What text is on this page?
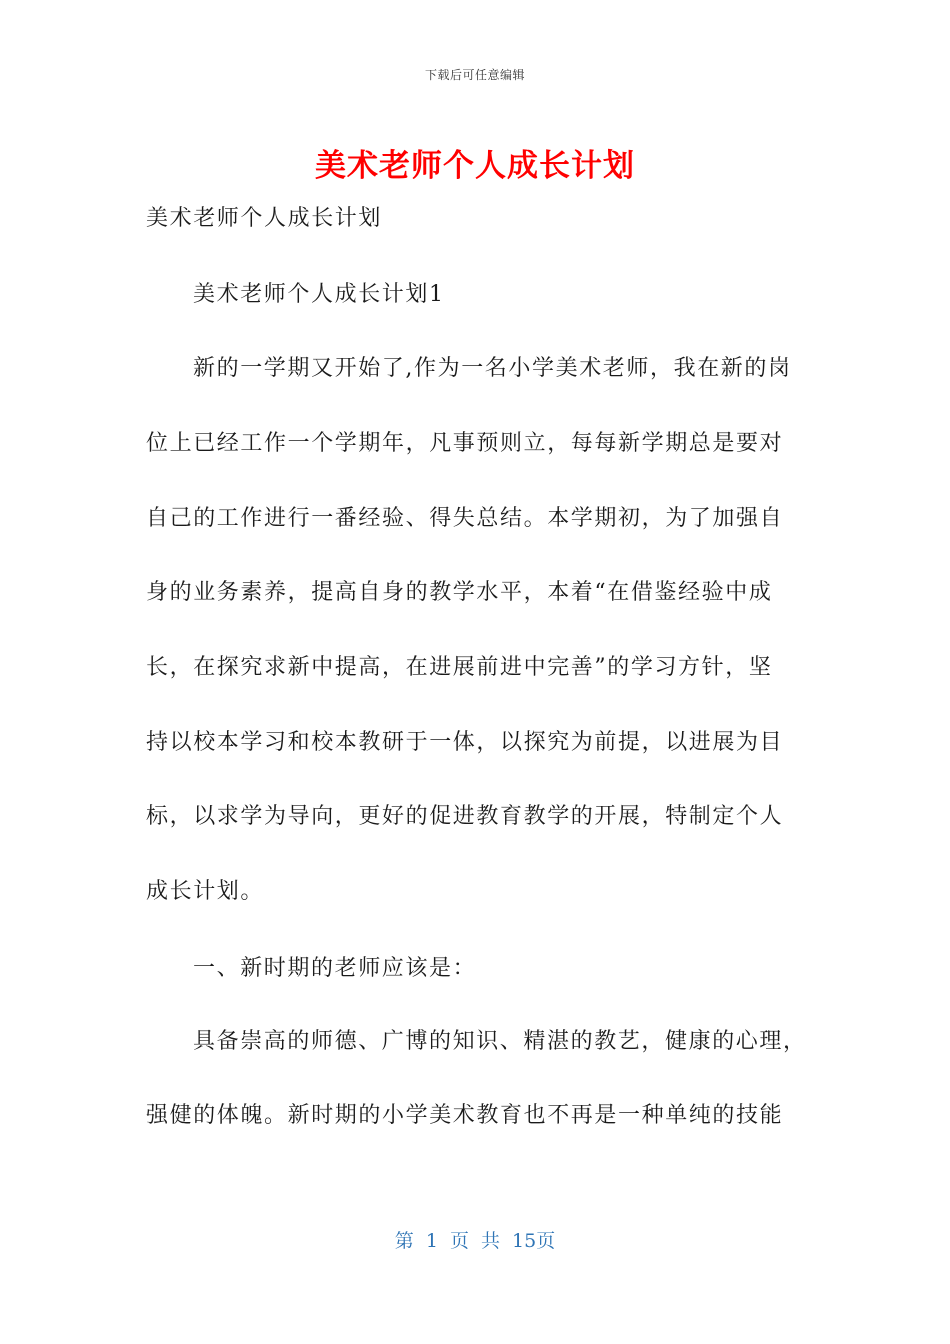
下载后可任意编辑
美术老师个人成长计划
美术老师个人成长计划
美术老师个人成长计划1
新的一学期又开始了,作为一名小学美术老师，我在新的岗
位上已经工作一个学期年，凡事预则立，每每新学期总是要对
自己的工作进行一番经验、得失总结。本学期初，为了加强自
身的业务素养，提高自身的教学水平，本着“在借鉴经验中成
长，在探究求新中提高，在进展前进中完善”的学习方针，坚
持以校本学习和校本教研于一体，以探究为前提，以进展为目
标，以求学为导向，更好的促进教育教学的开展，特制定个人
成长计划。
一、新时期的老师应该是：
具备崇高的师德、广博的知识、精湛的教艺，健康的心理，
强健的体魄。新时期的小学美术教育也不再是一种单纯的技能
第 1 页 共 15页
